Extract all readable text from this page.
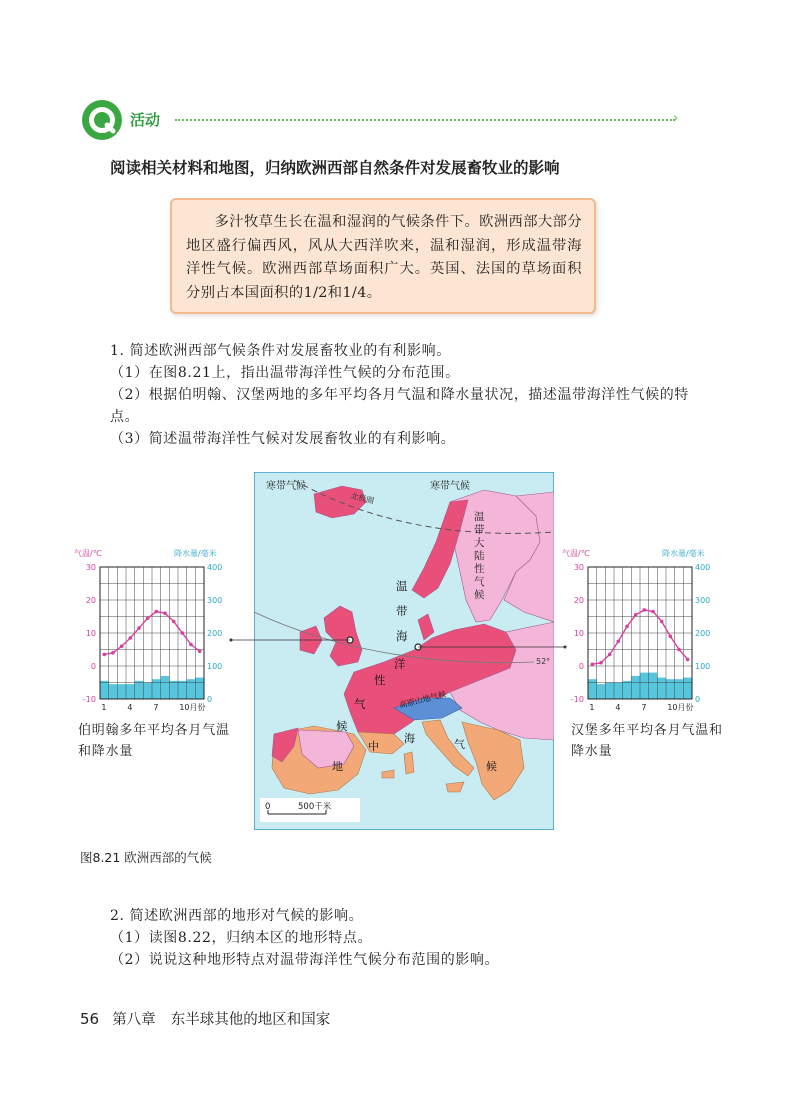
活动	›
阅读相关材料和地图，归纳欧洲西部自然条件对发展畜牧业的影响

多汁牧草生长在温和湿润的气候条件下。欧洲西部大部分地区盛行偏西风，风从大西洋吹来，温和湿润，形成温带海洋性气候。欧洲西部草场面积广大。英国、法国的草场面积分别占本国面积的1/2和1/4。

1. 简述欧洲西部气候条件对发展畜牧业的有利影响。
（1）在图8.21上，指出温带海洋性气候的分布范围。
（2）根据伯明翰、汉堡两地的多年平均各月气温和降水量状况，描述温带海洋性气候的特点。
（3）简述温带海洋性气候对发展畜牧业的有利影响。
寒带气候	寒带气候
北极圈
温
带
大
陆
性
气
候
温
带
海
洋
性
气
候
高原山地气候
地
中
海	气
候
52°
0	500千米
气温/℃	降水量/毫米
-10
0
10
20
30
0
100
200
300
400
1	4	7	10月份
气温/℃	降水量/毫米
-10
0
10
20
30
0
100
200
300
400
1	4	7	10月份
伯明翰多年平均各月气温和降水量
汉堡多年平均各月气温和降水量
图8.21 欧洲西部的气候
2. 简述欧洲西部的地形对气候的影响。
（1）读图8.22，归纳本区的地形特点。
（2）说说这种地形特点对温带海洋性气候分布范围的影响。
56 第八章 东半球其他的地区和国家
